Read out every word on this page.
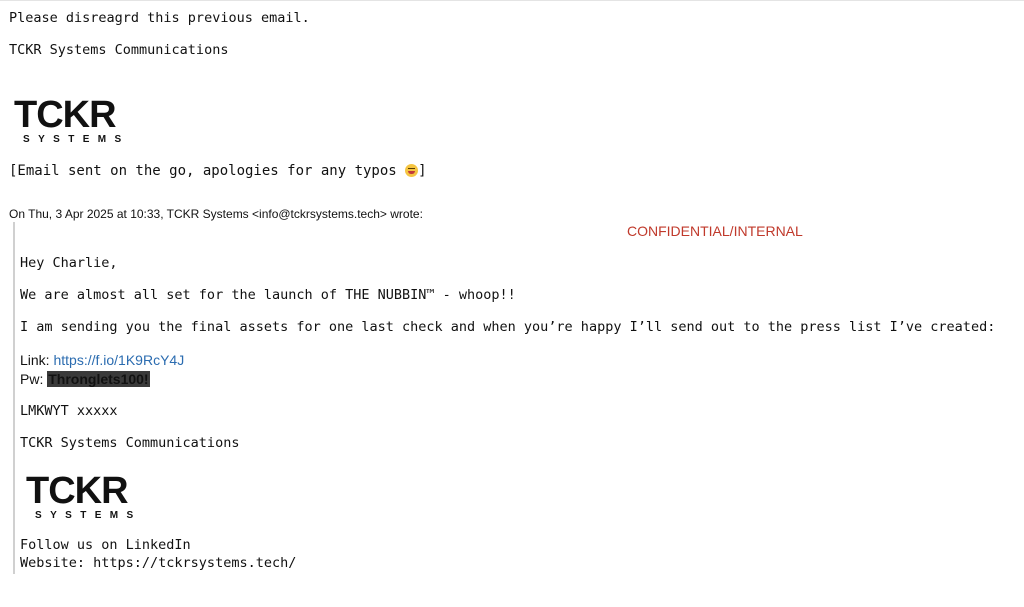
Please disreagrd this previous email.
TCKR Systems Communications
TCKR
SYSTEMS
[Email sent on the go, apologies for any typos ]
On Thu, 3 Apr 2025 at 10:33, TCKR Systems <info@tckrsystems.tech> wrote:
CONFIDENTIAL/INTERNAL
Hey Charlie,
We are almost all set for the launch of THE NUBBIN™ - whoop!!
I am sending you the final assets for one last check and when you’re happy I’ll send out to the press list I’ve created:
Link: https://f.io/1K9RcY4J
Pw: Thronglets100!
LMKWYT xxxxx
TCKR Systems Communications
TCKR
SYSTEMS
Follow us on LinkedIn
Website: https://tckrsystems.tech/
